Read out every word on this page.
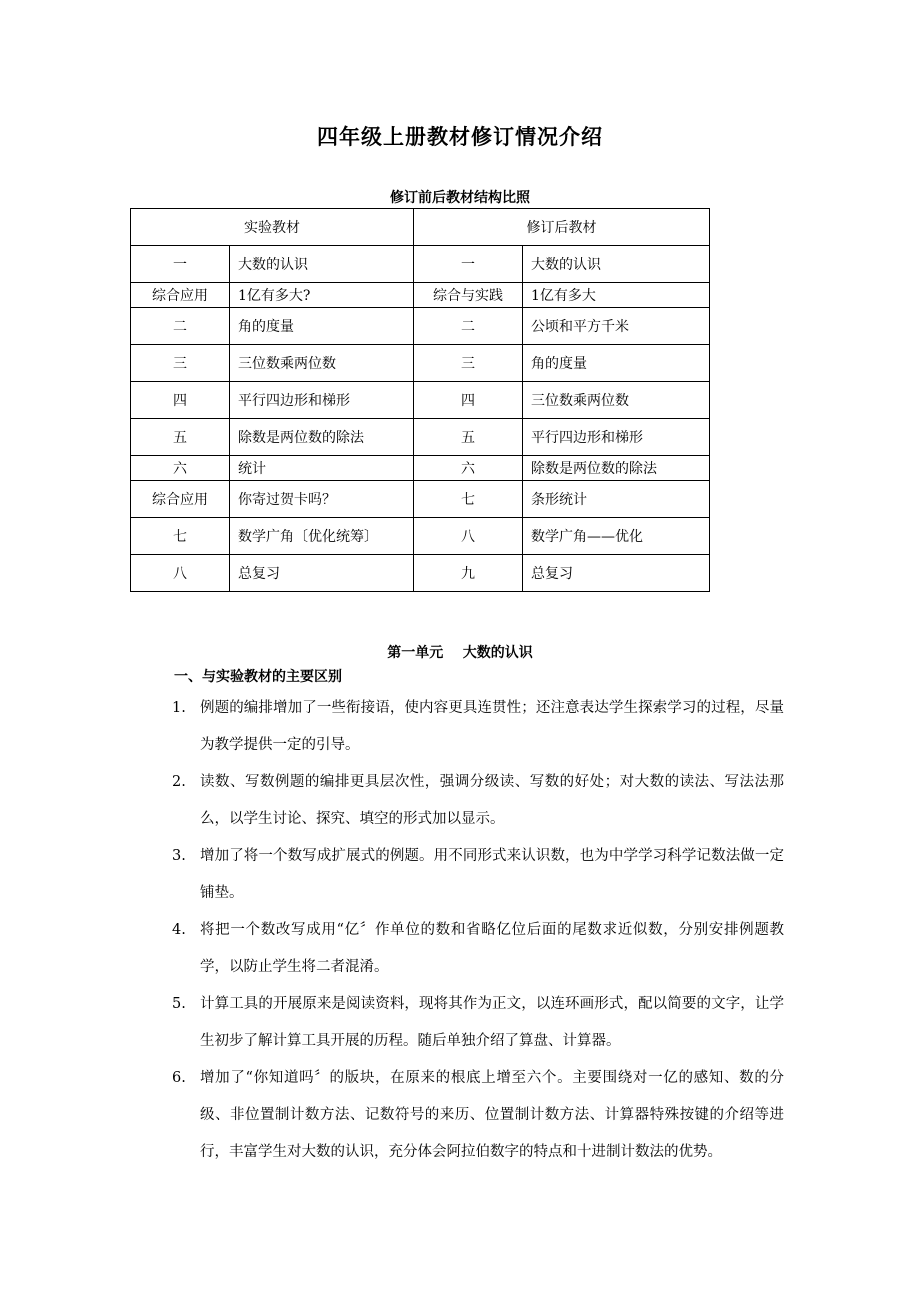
四年级上册教材修订情况介绍
修订前后教材结构比照
实验教材		修订后教材	
一	大数的认识	一	大数的认识
综合应用	1亿有多大?	综合与实践	1亿有多大
二	角的度量	二	公顷和平方千米
三	三位数乘两位数	三	角的度量
四	平行四边形和梯形	四	三位数乘两位数
五	除数是两位数的除法	五	平行四边形和梯形
六	统计	六	除数是两位数的除法
综合应用	你寄过贺卡吗？	七	条形统计
七	数学广角〔优化统筹〕	八	数学广角——优化
八	总复习	九	总复习
第一单元    大数的认识
一、与实验教材的主要区别
1. 例题的编排增加了一些衔接语，使内容更具连贯性；还注意表达学生探索学习的过程，尽量为教学提供一定的引导。
2. 读数、写数例题的编排更具层次性，强调分级读、写数的好处；对大数的读法、写法法那么，以学生讨论、探究、填空的形式加以显示。
3. 增加了将一个数写成扩展式的例题。用不同形式来认识数，也为中学学习科学记数法做一定铺垫。
4. 将把一个数改写成用“亿〞作单位的数和省略亿位后面的尾数求近似数，分别安排例题教学，以防止学生将二者混淆。
5. 计算工具的开展原来是阅读资料，现将其作为正文，以连环画形式，配以简要的文字，让学生初步了解计算工具开展的历程。随后单独介绍了算盘、计算器。
6. 增加了“你知道吗〞的版块，在原来的根底上增至六个。主要围绕对一亿的感知、数的分级、非位置制计数方法、记数符号的来历、位置制计数方法、计算器特殊按键的介绍等进行，丰富学生对大数的认识，充分体会阿拉伯数字的特点和十进制计数法的优势。
